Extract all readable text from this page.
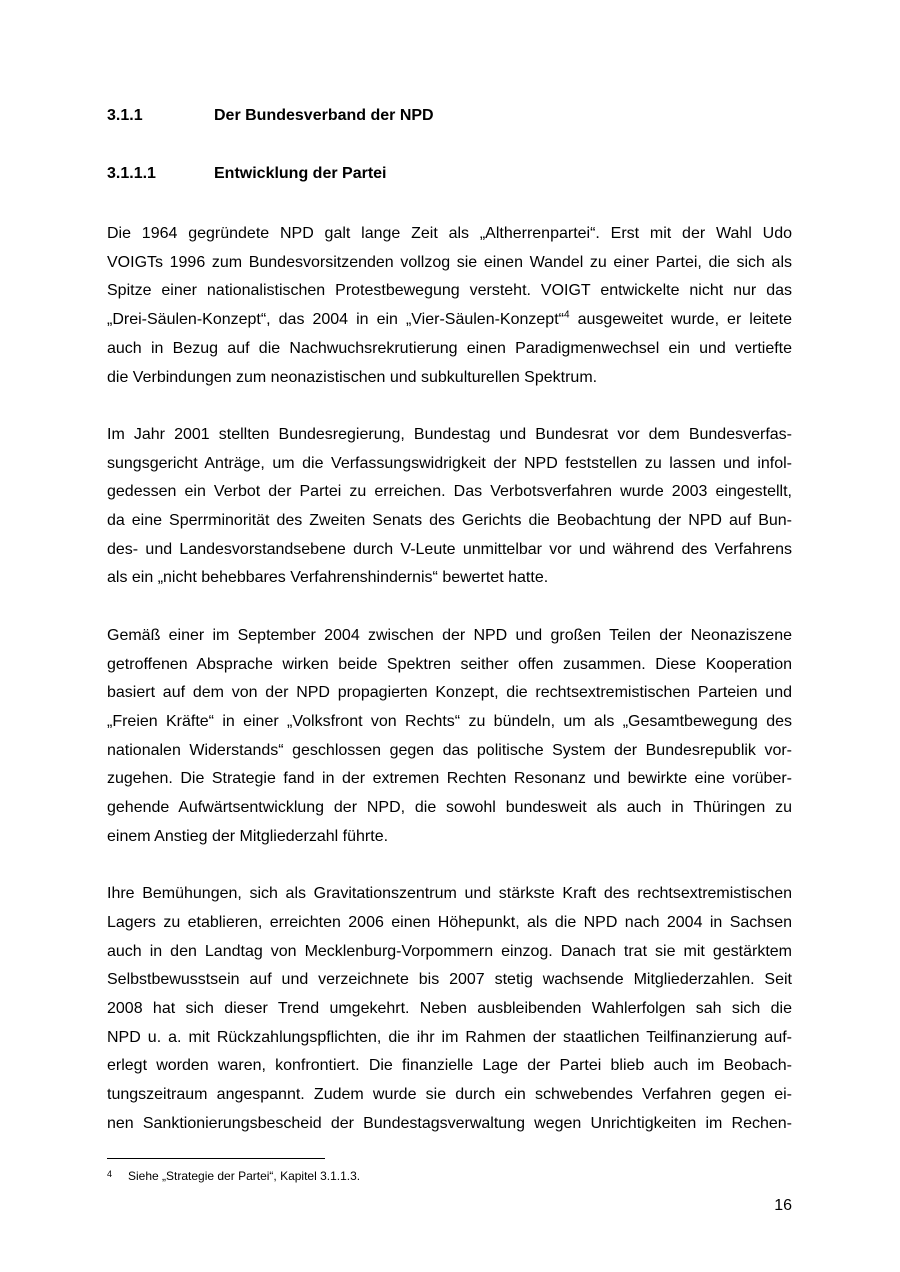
3.1.1	Der Bundesverband der NPD
3.1.1.1	Entwicklung der Partei

Die 1964 gegründete NPD galt lange Zeit als „Altherrenpartei“. Erst mit der Wahl Udo
VOIGTs 1996 zum Bundesvorsitzenden vollzog sie einen Wandel zu einer Partei, die sich als
Spitze einer nationalistischen Protestbewegung versteht. VOIGT entwickelte nicht nur das
„Drei-Säulen-Konzept“, das 2004 in ein „Vier-Säulen-Konzept“$^4$ ausgeweitet wurde, er leitete
auch in Bezug auf die Nachwuchsrekrutierung einen Paradigmenwechsel ein und vertiefte
die Verbindungen zum neonazistischen und subkulturellen Spektrum.

Im Jahr 2001 stellten Bundesregierung, Bundestag und Bundesrat vor dem Bundesverfas-
sungsgericht Anträge, um die Verfassungswidrigkeit der NPD feststellen zu lassen und infol-
gedessen ein Verbot der Partei zu erreichen. Das Verbotsverfahren wurde 2003 eingestellt,
da eine Sperrminorität des Zweiten Senats des Gerichts die Beobachtung der NPD auf Bun-
des- und Landesvorstandsebene durch V-Leute unmittelbar vor und während des Verfahrens
als ein „nicht behebbares Verfahrenshindernis“ bewertet hatte.

Gemäß einer im September 2004 zwischen der NPD und großen Teilen der Neonaziszene
getroffenen Absprache wirken beide Spektren seither offen zusammen. Diese Kooperation
basiert auf dem von der NPD propagierten Konzept, die rechtsextremistischen Parteien und
„Freien Kräfte“ in einer „Volksfront von Rechts“ zu bündeln, um als „Gesamtbewegung des
nationalen Widerstands“ geschlossen gegen das politische System der Bundesrepublik vor-
zugehen. Die Strategie fand in der extremen Rechten Resonanz und bewirkte eine vorüber-
gehende Aufwärtsentwicklung der NPD, die sowohl bundesweit als auch in Thüringen zu
einem Anstieg der Mitgliederzahl führte.

Ihre Bemühungen, sich als Gravitationszentrum und stärkste Kraft des rechtsextremistischen
Lagers zu etablieren, erreichten 2006 einen Höhepunkt, als die NPD nach 2004 in Sachsen
auch in den Landtag von Mecklenburg-Vorpommern einzog. Danach trat sie mit gestärktem
Selbstbewusstsein auf und verzeichnete bis 2007 stetig wachsende Mitgliederzahlen. Seit
2008 hat sich dieser Trend umgekehrt. Neben ausbleibenden Wahlerfolgen sah sich die
NPD u. a. mit Rückzahlungspflichten, die ihr im Rahmen der staatlichen Teilfinanzierung auf-
erlegt worden waren, konfrontiert. Die finanzielle Lage der Partei blieb auch im Beobach-
tungszeitraum angespannt. Zudem wurde sie durch ein schwebendes Verfahren gegen ei-
nen Sanktionierungsbescheid der Bundestagsverwaltung wegen Unrichtigkeiten im Rechen-

4 Siehe „Strategie der Partei“, Kapitel 3.1.1.3.
16
